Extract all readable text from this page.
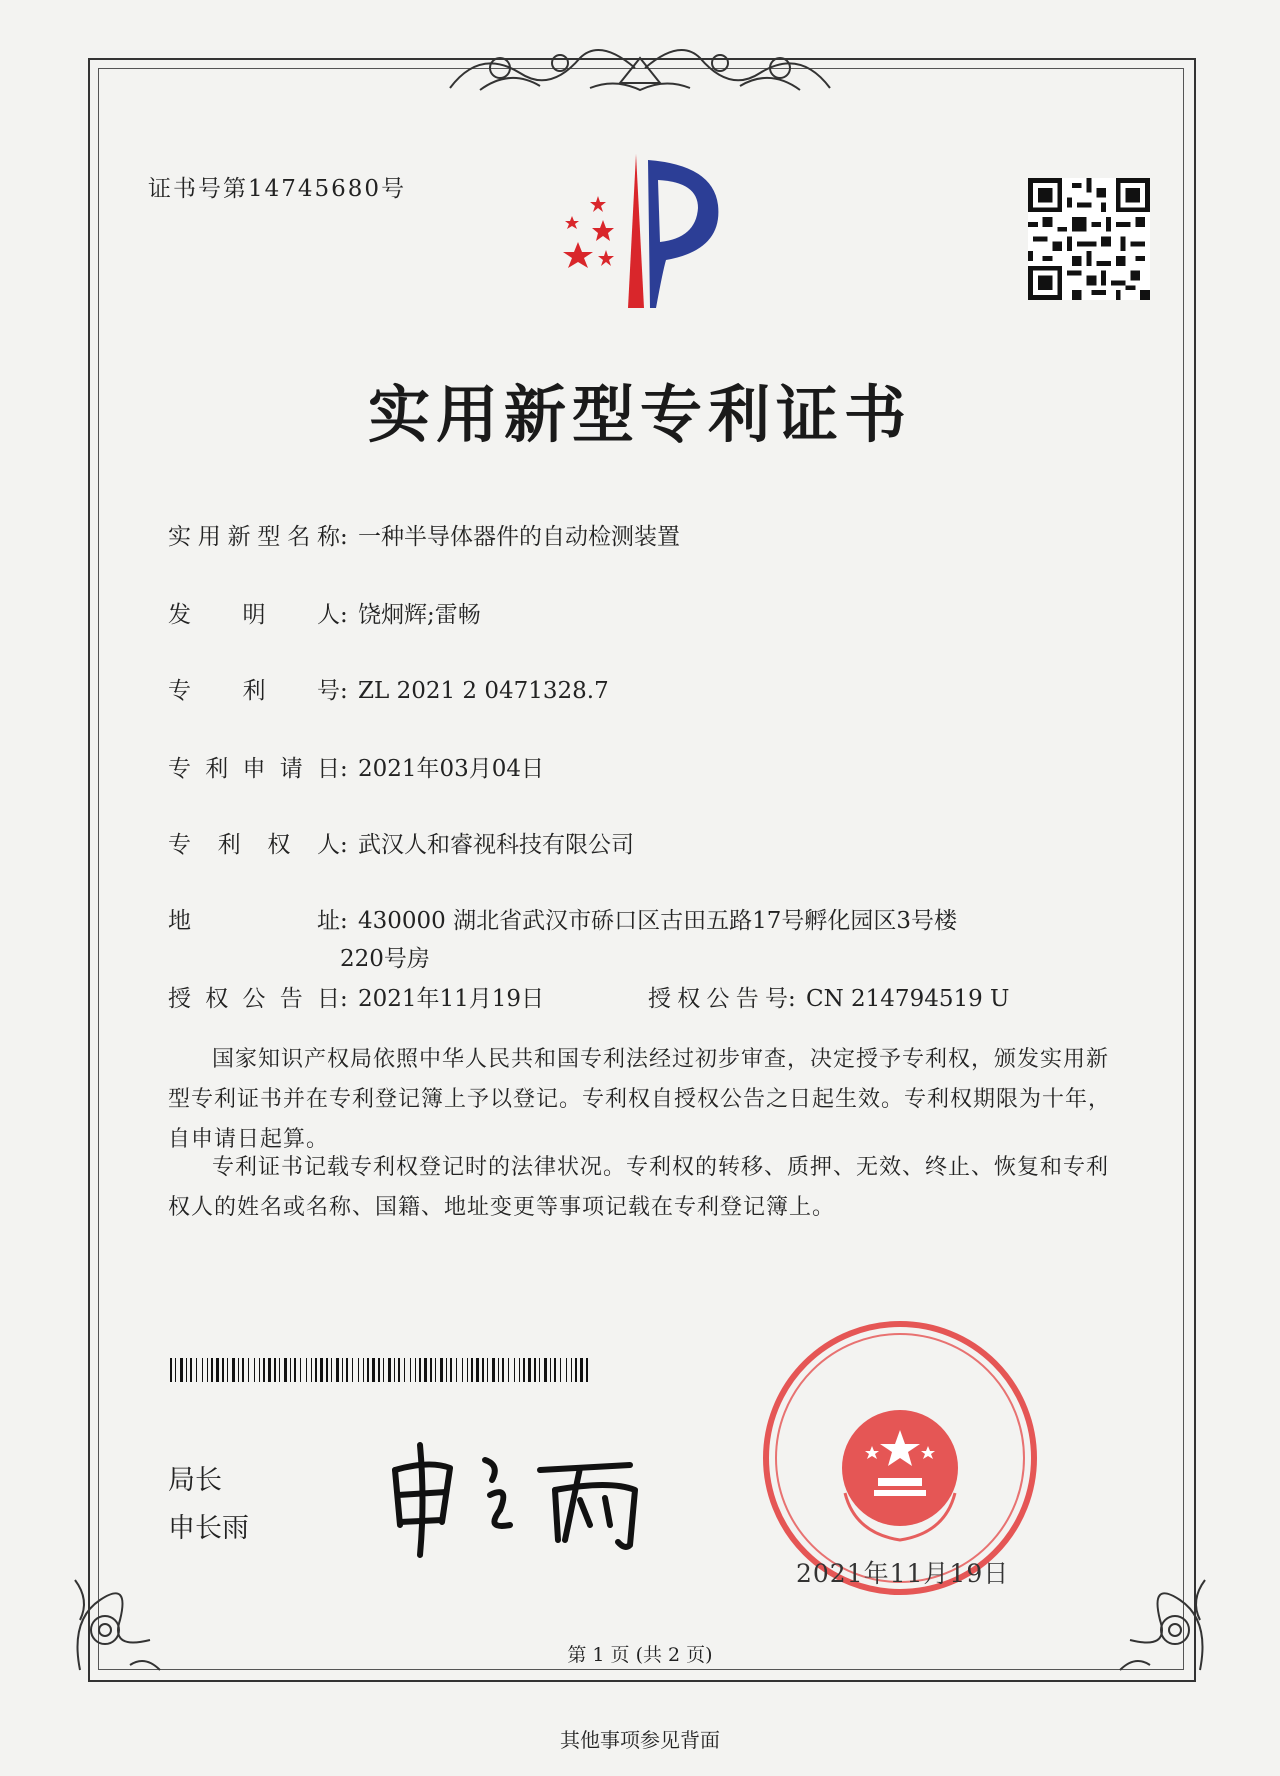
证书号第14745680号
实用新型专利证书
实用新型名称: 一种半导体器件的自动检测装置
发明人: 饶炯辉;雷畅
专利号: ZL 2021 2 0471328.7
专利申请日: 2021年03月04日
专利权人: 武汉人和睿视科技有限公司
地址: 430000 湖北省武汉市硚口区古田五路17号孵化园区3号楼
220号房
授权公告日: 2021年11月19日	授权公告号: CN 214794519 U
国家知识产权局依照中华人民共和国专利法经过初步审查，决定授予专利权，颁发实用新型专利证书并在专利登记簿上予以登记。专利权自授权公告之日起生效。专利权期限为十年，自申请日起算。
专利证书记载专利权登记时的法律状况。专利权的转移、质押、无效、终止、恢复和专利权人的姓名或名称、国籍、地址变更等事项记载在专利登记簿上。
局长
申长雨
2021年11月19日
第 1 页 (共 2 页)
其他事项参见背面
